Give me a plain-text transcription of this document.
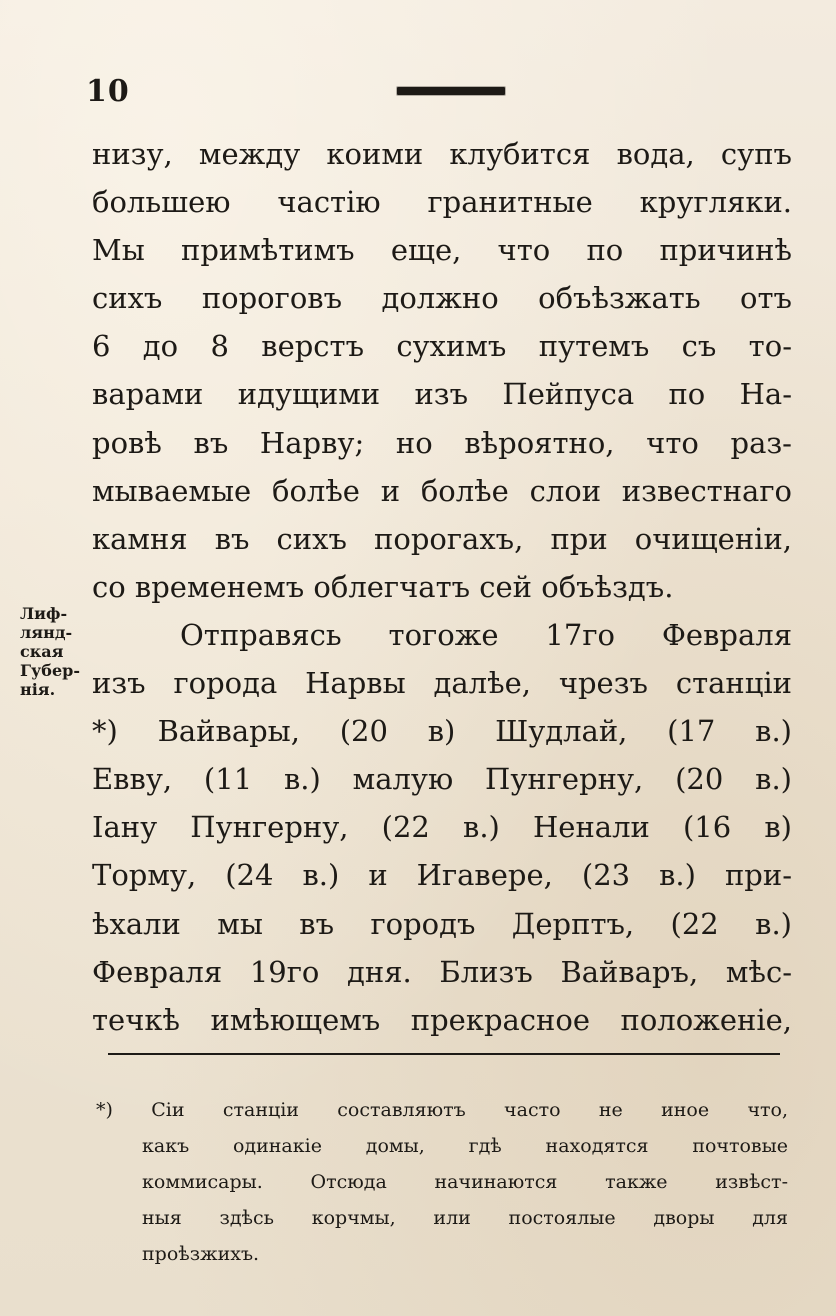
10
Лиф-
лянд-
ская
Губер-
нія.
низу, между коими клубится вода, супъ
большею частію гранитные кругляки.
Мы примѣтимъ еще, что по причинѣ
сихъ пороговъ должно объѣзжать отъ
6 до 8 верстъ сухимъ путемъ съ то-
варами идущими изъ Пейпуса по На-
ровѣ въ Нарву; но вѣроятно, что раз-
мываемые болѣе и болѣе слои известнаго
камня въ сихъ порогахъ, при очищеніи,
со временемъ облегчатъ сей объѣздъ.
Отправясь тогоже 17го Февраля
изъ города Нарвы далѣе, чрезъ станціи
*) Вайвары, (20 в) Шудлай, (17 в.)
Евву, (11 в.) малую Пунгерну, (20 в.)
Іану Пунгерну, (22 в.) Ненали (16 в)
Торму, (24 в.) и Игавере, (23 в.) при-
ѣхали мы въ городъ Дерптъ, (22 в.)
Февраля 19го дня. Близъ Вайваръ, мѣс-
течкѣ имѣющемъ прекрасное положеніе,
*) Сіи станціи составляютъ часто не иное что,
какъ одинакіе домы, гдѣ находятся почтовые
коммисары. Отсюда начинаются также извѣст-
ныя здѣсь корчмы, или постоялые дворы для
проѣзжихъ.
